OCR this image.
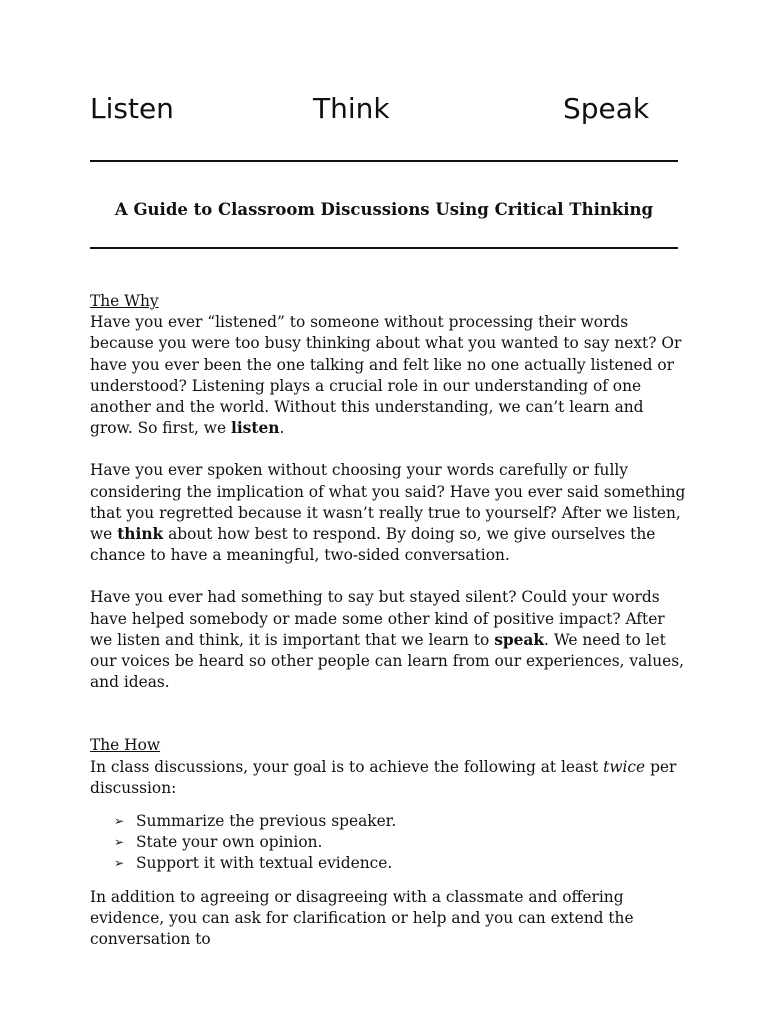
Listen	Think	Speak
A Guide to Classroom Discussions Using Critical Thinking

The Why

Have you ever “listened” to someone without processing their words because you were too busy thinking about what you wanted to say next? Or have you ever been the one talking and felt like no one actually listened or understood? Listening plays a crucial role in our understanding of one another and the world. Without this understanding, we can’t learn and grow. So first, we listen.

Have you ever spoken without choosing your words carefully or fully considering the implication of what you said? Have you ever said something that you regretted because it wasn’t really true to yourself? After we listen, we think about how best to respond. By doing so, we give ourselves the chance to have a meaningful, two-sided conversation.

Have you ever had something to say but stayed silent? Could your words have helped somebody or made some other kind of positive impact? After we listen and think, it is important that we learn to speak. We need to let our voices be heard so other people can learn from our experiences, values, and ideas.

The How

In class discussions, your goal is to achieve the following at least twice per discussion:

➢ Summarize the previous speaker.
➢ State your own opinion.
➢ Support it with textual evidence.

In addition to agreeing or disagreeing with a classmate and offering evidence, you can ask for clarification or help and you can extend the conversation to
